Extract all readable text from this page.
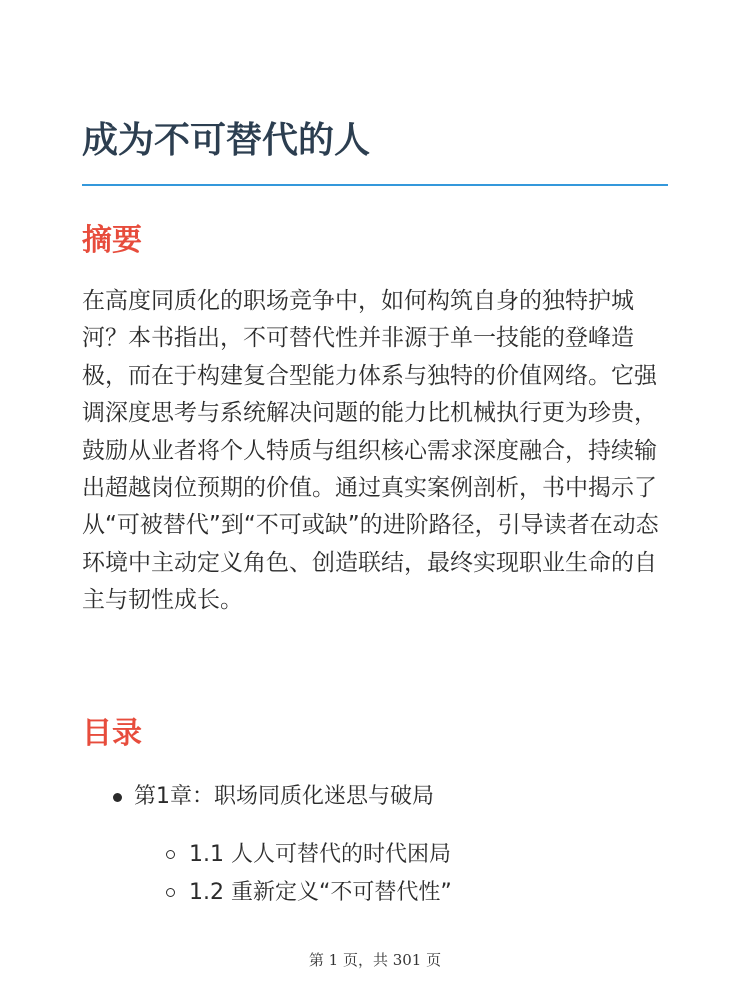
成为不可替代的人
摘要

在高度同质化的职场竞争中，如何构筑自身的独特护城河？本书指出，不可替代性并非源于单一技能的登峰造极，而在于构建复合型能力体系与独特的价值网络。它强调深度思考与系统解决问题的能力比机械执行更为珍贵，鼓励从业者将个人特质与组织核心需求深度融合，持续输出超越岗位预期的价值。通过真实案例剖析，书中揭示了从“可被替代”到“不可或缺”的进阶路径，引导读者在动态环境中主动定义角色、创造联结，最终实现职业生命的自主与韧性成长。

目录
第1章：职场同质化迷思与破局
1.1 人人可替代的时代困局
1.2 重新定义“不可替代性”
第 1 页，共 301 页
